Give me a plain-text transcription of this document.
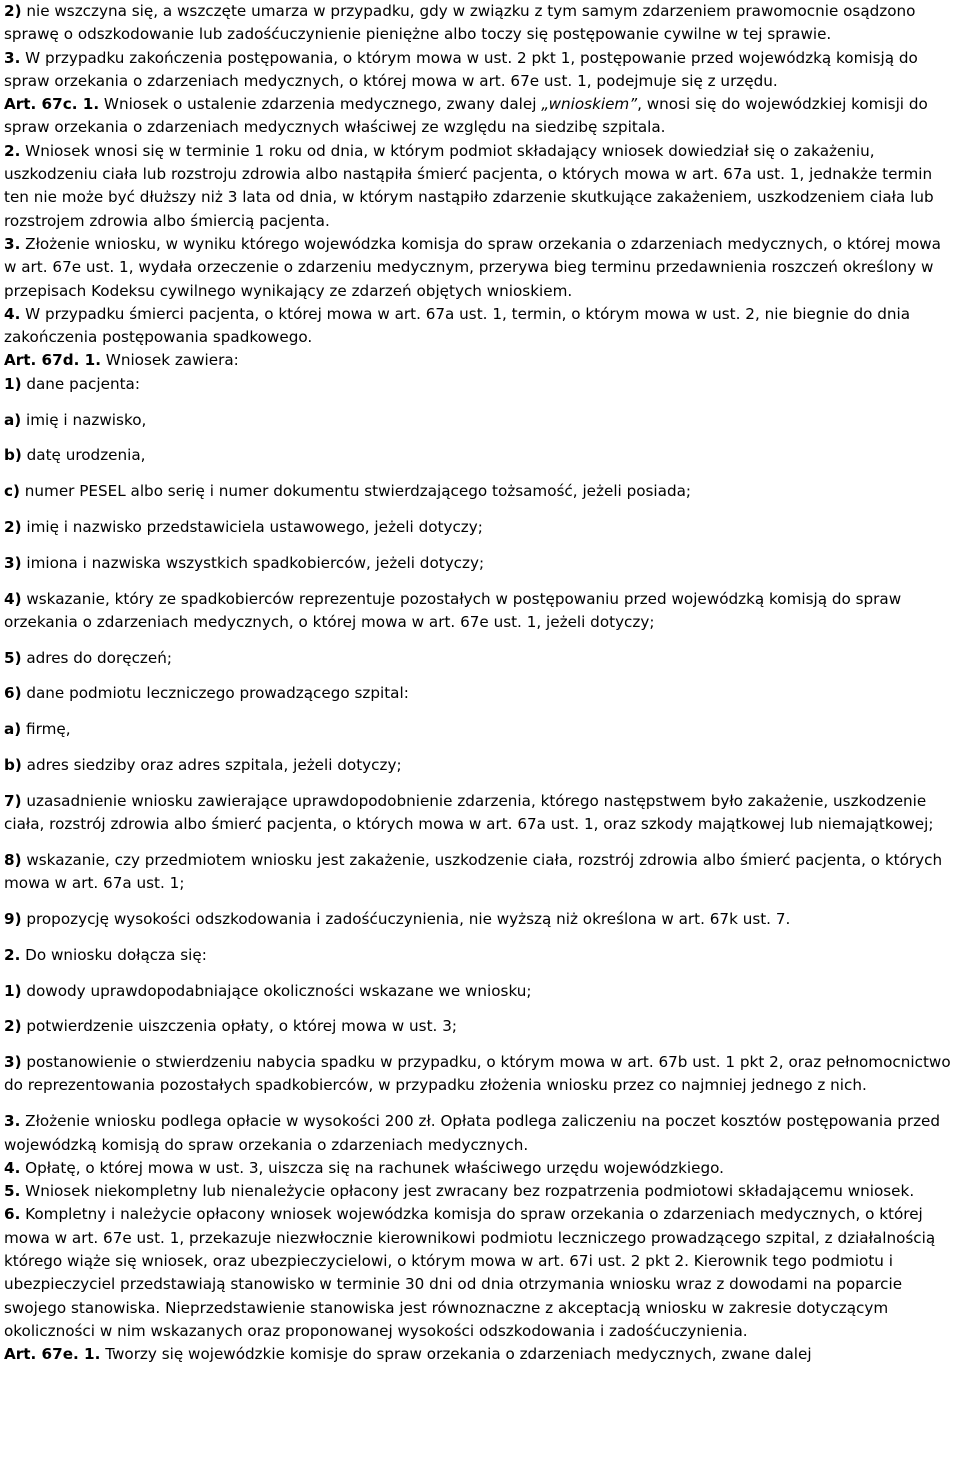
2) nie wszczyna się, a wszczęte umarza w przypadku, gdy w związku z tym samym zdarzeniem prawomocnie osądzono sprawę o odszkodowanie lub zadośćuczynienie pieniężne albo toczy się postępowanie cywilne w tej sprawie.

3. W przypadku zakończenia postępowania, o którym mowa w ust. 2 pkt 1, postępowanie przed wojewódzką komisją do spraw orzekania o zdarzeniach medycznych, o której mowa w art. 67e ust. 1, podejmuje się z urzędu.

Art. 67c. 1. Wniosek o ustalenie zdarzenia medycznego, zwany dalej „wnioskiem”, wnosi się do wojewódzkiej komisji do spraw orzekania o zdarzeniach medycznych właściwej ze względu na siedzibę szpitala.

2. Wniosek wnosi się w terminie 1 roku od dnia, w którym podmiot składający wniosek dowiedział się o zakażeniu, uszkodzeniu ciała lub rozstroju zdrowia albo nastąpiła śmierć pacjenta, o których mowa w art. 67a ust. 1, jednakże termin ten nie może być dłuższy niż 3 lata od dnia, w którym nastąpiło zdarzenie skutkujące zakażeniem, uszkodzeniem ciała lub rozstrojem zdrowia albo śmiercią pacjenta.

3. Złożenie wniosku, w wyniku którego wojewódzka komisja do spraw orzekania o zdarzeniach medycznych, o której mowa w art. 67e ust. 1, wydała orzeczenie o zdarzeniu medycznym, przerywa bieg terminu przedawnienia roszczeń określony w przepisach Kodeksu cywilnego wynikający ze zdarzeń objętych wnioskiem.

4. W przypadku śmierci pacjenta, o której mowa w art. 67a ust. 1, termin, o którym mowa w ust. 2, nie biegnie do dnia zakończenia postępowania spadkowego.

Art. 67d. 1. Wniosek zawiera:

1) dane pacjenta:

a) imię i nazwisko,

b) datę urodzenia,

c) numer PESEL albo serię i numer dokumentu stwierdzającego tożsamość, jeżeli posiada;

2) imię i nazwisko przedstawiciela ustawowego, jeżeli dotyczy;

3) imiona i nazwiska wszystkich spadkobierców, jeżeli dotyczy;

4) wskazanie, który ze spadkobierców reprezentuje pozostałych w postępowaniu przed wojewódzką komisją do spraw orzekania o zdarzeniach medycznych, o której mowa w art. 67e ust. 1, jeżeli dotyczy;

5) adres do doręczeń;

6) dane podmiotu leczniczego prowadzącego szpital:

a) firmę,

b) adres siedziby oraz adres szpitala, jeżeli dotyczy;

7) uzasadnienie wniosku zawierające uprawdopodobnienie zdarzenia, którego następstwem było zakażenie, uszkodzenie ciała, rozstrój zdrowia albo śmierć pacjenta, o których mowa w art. 67a ust. 1, oraz szkody majątkowej lub niemajątkowej;

8) wskazanie, czy przedmiotem wniosku jest zakażenie, uszkodzenie ciała, rozstrój zdrowia albo śmierć pacjenta, o których mowa w art. 67a ust. 1;

9) propozycję wysokości odszkodowania i zadośćuczynienia, nie wyższą niż określona w art. 67k ust. 7.

2. Do wniosku dołącza się:

1) dowody uprawdopodabniające okoliczności wskazane we wniosku;

2) potwierdzenie uiszczenia opłaty, o której mowa w ust. 3;

3) postanowienie o stwierdzeniu nabycia spadku w przypadku, o którym mowa w art. 67b ust. 1 pkt 2, oraz pełnomocnictwo do reprezentowania pozostałych spadkobierców, w przypadku złożenia wniosku przez co najmniej jednego z nich.

3. Złożenie wniosku podlega opłacie w wysokości 200 zł. Opłata podlega zaliczeniu na poczet kosztów postępowania przed wojewódzką komisją do spraw orzekania o zdarzeniach medycznych.

4. Opłatę, o której mowa w ust. 3, uiszcza się na rachunek właściwego urzędu wojewódzkiego.

5. Wniosek niekompletny lub nienależycie opłacony jest zwracany bez rozpatrzenia podmiotowi składającemu wniosek.

6. Kompletny i należycie opłacony wniosek wojewódzka komisja do spraw orzekania o zdarzeniach medycznych, o której mowa w art. 67e ust. 1, przekazuje niezwłocznie kierownikowi podmiotu leczniczego prowadzącego szpital, z działalnością którego wiąże się wniosek, oraz ubezpieczycielowi, o którym mowa w art. 67i ust. 2 pkt 2. Kierownik tego podmiotu i ubezpieczyciel przedstawiają stanowisko w terminie 30 dni od dnia otrzymania wniosku wraz z dowodami na poparcie swojego stanowiska. Nieprzedstawienie stanowiska jest równoznaczne z akceptacją wniosku w zakresie dotyczącym okoliczności w nim wskazanych oraz proponowanej wysokości odszkodowania i zadośćuczynienia.

Art. 67e. 1. Tworzy się wojewódzkie komisje do spraw orzekania o zdarzeniach medycznych, zwane dalej
